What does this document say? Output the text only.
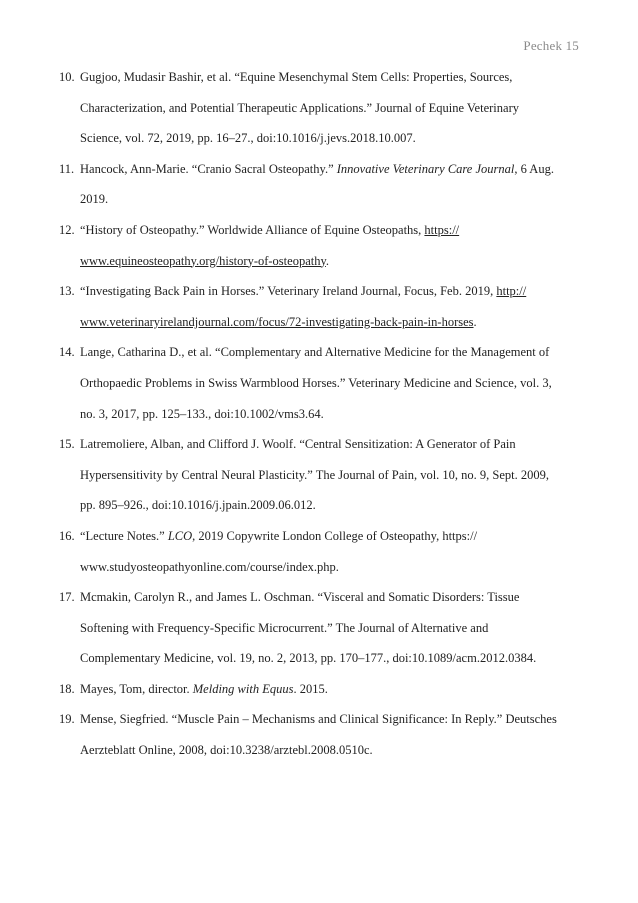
Pechek 15
10. Gugjoo, Mudasir Bashir, et al. “Equine Mesenchymal Stem Cells: Properties, Sources,
Characterization, and Potential Therapeutic Applications.” Journal of Equine Veterinary
Science, vol. 72, 2019, pp. 16–27., doi:10.1016/j.jevs.2018.10.007.
11. Hancock, Ann-Marie. “Cranio Sacral Osteopathy.” Innovative Veterinary Care Journal, 6 Aug.
2019.
12. “History of Osteopathy.” Worldwide Alliance of Equine Osteopaths, https://
www.equineosteopathy.org/history-of-osteopathy.
13. “Investigating Back Pain in Horses.” Veterinary Ireland Journal, Focus, Feb. 2019, http://
www.veterinaryirelandjournal.com/focus/72-investigating-back-pain-in-horses.
14. Lange, Catharina D., et al. “Complementary and Alternative Medicine for the Management of
Orthopaedic Problems in Swiss Warmblood Horses.” Veterinary Medicine and Science, vol. 3,
no. 3, 2017, pp. 125–133., doi:10.1002/vms3.64.
15. Latremoliere, Alban, and Clifford J. Woolf. “Central Sensitization: A Generator of Pain
Hypersensitivity by Central Neural Plasticity.” The Journal of Pain, vol. 10, no. 9, Sept. 2009,
pp. 895–926., doi:10.1016/j.jpain.2009.06.012.
16. “Lecture Notes.” LCO, 2019 Copywrite London College of Osteopathy, https://
www.studyosteopathyonline.com/course/index.php.
17. Mcmakin, Carolyn R., and James L. Oschman. “Visceral and Somatic Disorders: Tissue
Softening with Frequency-Specific Microcurrent.” The Journal of Alternative and
Complementary Medicine, vol. 19, no. 2, 2013, pp. 170–177., doi:10.1089/acm.2012.0384.
18. Mayes, Tom, director. Melding with Equus. 2015.
19. Mense, Siegfried. “Muscle Pain – Mechanisms and Clinical Significance: In Reply.” Deutsches
Aerzteblatt Online, 2008, doi:10.3238/arztebl.2008.0510c.
